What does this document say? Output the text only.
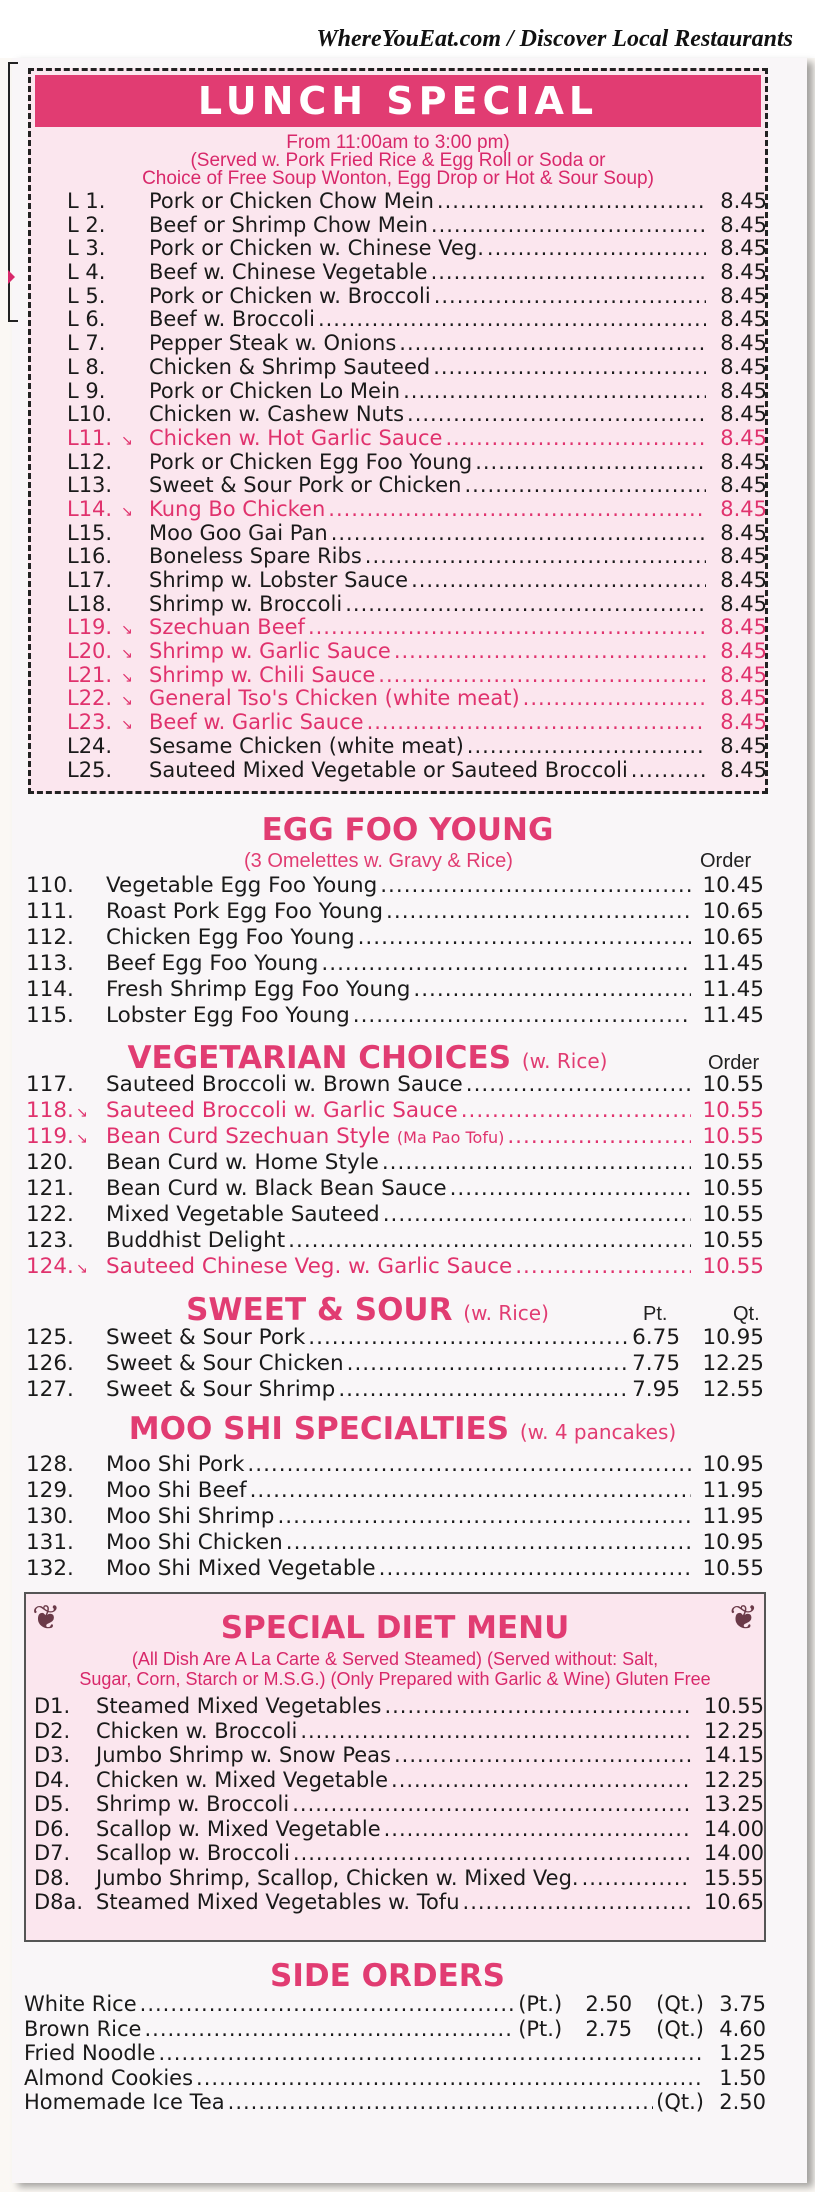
WhereYouEat.com / Discover Local Restaurants
LUNCH SPECIAL
From 11:00am to 3:00 pm)
(Served w. Pork Fried Rice & Egg Roll or Soda or
Choice of Free Soup Wonton, Egg Drop or Hot & Sour Soup)
L 1.	Pork or Chicken Chow Mein .....	8.45
L 2.	Beef or Shrimp Chow Mein .....	8.45
L 3.	Pork or Chicken w. Chinese Veg. .....	8.45
L 4.	Beef w. Chinese Vegetable .....	8.45
L 5.	Pork or Chicken w. Broccoli .....	8.45
L 6.	Beef w. Broccoli .....	8.45
L 7.	Pepper Steak w. Onions .....	8.45
L 8.	Chicken & Shrimp Sauteed .....	8.45
L 9.	Pork or Chicken Lo Mein .....	8.45
L10.	Chicken w. Cashew Nuts .....	8.45
L11. ↘ Chicken w. Hot Garlic Sauce .....	8.45
L12.	Pork or Chicken Egg Foo Young .....	8.45
L13.	Sweet & Sour Pork or Chicken .....	8.45
L14. ↘ Kung Bo Chicken .....	8.45
L15.	Moo Goo Gai Pan .....	8.45
L16.	Boneless Spare Ribs .....	8.45
L17.	Shrimp w. Lobster Sauce .....	8.45
L18.	Shrimp w. Broccoli .....	8.45
L19. ↘ Szechuan Beef .....	8.45
L20. ↘ Shrimp w. Garlic Sauce .....	8.45
L21. ↘ Shrimp w. Chili Sauce .....	8.45
L22. ↘ General Tso's Chicken (white meat) .....	8.45
L23. ↘ Beef w. Garlic Sauce .....	8.45
L24.	Sesame Chicken (white meat) .....	8.45
L25.	Sauteed Mixed Vegetable or Sauteed Broccoli .....	8.45
EGG FOO YOUNG
(3 Omelettes w. Gravy & Rice)	Order
110.	Vegetable Egg Foo Young .....	10.45
111.	Roast Pork Egg Foo Young .....	10.65
112.	Chicken Egg Foo Young .....	10.65
113.	Beef Egg Foo Young .....	11.45
114.	Fresh Shrimp Egg Foo Young .....	11.45
115.	Lobster Egg Foo Young .....	11.45
VEGETARIAN CHOICES (w. Rice)	Order
117.	Sauteed Broccoli w. Brown Sauce .....	10.55
118. ↘ Sauteed Broccoli w. Garlic Sauce .....	10.55
119. ↘ Bean Curd Szechuan Style (Ma Pao Tofu) .....	10.55
120.	Bean Curd w. Home Style .....	10.55
121.	Bean Curd w. Black Bean Sauce .....	10.55
122.	Mixed Vegetable Sauteed .....	10.55
123.	Buddhist Delight .....	10.55
124. ↘ Sauteed Chinese Veg. w. Garlic Sauce .....	10.55
SWEET & SOUR (w. Rice)	Pt.	Qt.
125.	Sweet & Sour Pork .....	6.75	10.95
126.	Sweet & Sour Chicken .....	7.75	12.25
127.	Sweet & Sour Shrimp .....	7.95	12.55
MOO SHI SPECIALTIES (w. 4 pancakes)
128.	Moo Shi Pork .....	10.95
129.	Moo Shi Beef .....	11.95
130.	Moo Shi Shrimp .....	11.95
131.	Moo Shi Chicken .....	10.95
132.	Moo Shi Mixed Vegetable .....	10.55
❦	❦
SPECIAL DIET MENU
(All Dish Are A La Carte & Served Steamed) (Served without: Salt,
Sugar, Corn, Starch or M.S.G.) (Only Prepared with Garlic & Wine) Gluten Free
D1.	Steamed Mixed Vegetables .....	10.55
D2.	Chicken w. Broccoli .....	12.25
D3.	Jumbo Shrimp w. Snow Peas .....	14.15
D4.	Chicken w. Mixed Vegetable .....	12.25
D5.	Shrimp w. Broccoli .....	13.25
D6.	Scallop w. Mixed Vegetable .....	14.00
D7.	Scallop w. Broccoli .....	14.00
D8.	Jumbo Shrimp, Scallop, Chicken w. Mixed Veg. .....	15.55
D8a. Steamed Mixed Vegetables w. Tofu .....	10.65
SIDE ORDERS
White Rice .....	(Pt.)	2.50 (Qt.) 3.75
Brown Rice .....	(Pt.)	2.75 (Qt.) 4.60
Fried Noodle .....	1.25
Almond Cookies .....	1.50
Homemade Ice Tea .....	(Qt.) 2.50
